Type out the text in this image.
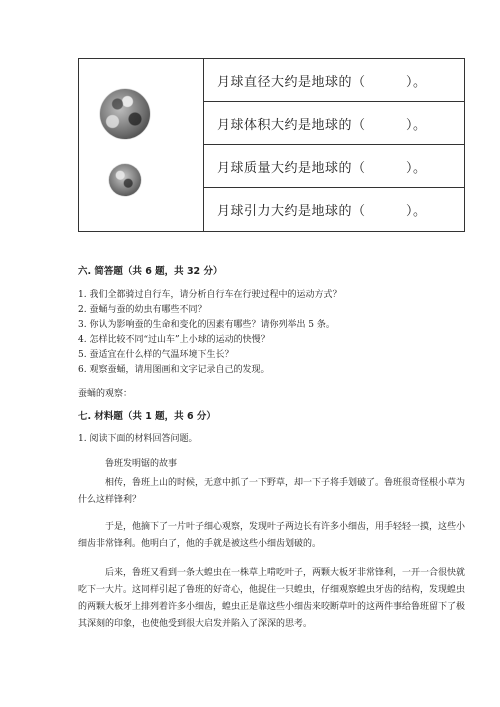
月球直径大约是地球的（　　　）。
月球体积大约是地球的（　　　）。
月球质量大约是地球的（　　　）。
月球引力大约是地球的（　　　）。
六. 简答题（共 6 题，共 32 分）
1. 我们全都骑过自行车，请分析自行车在行驶过程中的运动方式？
2. 蚕蛹与蚕的幼虫有哪些不同？
3. 你认为影响蚕的生命和变化的因素有哪些？请你列举出 5 条。
4. 怎样比较不同“过山车”上小球的运动的快慢？
5. 蚕适宜在什么样的气温环境下生长？
6. 观察蚕蛹，请用图画和文字记录自己的发现。
蚕蛹的观察：
七. 材料题（共 1 题，共 6 分）
1. 阅读下面的材料回答问题。
鲁班发明锯的故事
相传，鲁班上山的时候，无意中抓了一下野草，却一下子将手划破了。鲁班很奇怪根小草为什么这样锋利？
于是，他摘下了一片叶子细心观察，发现叶子两边长有许多小细齿，用手轻轻一摸，这些小细齿非常锋利。他明白了，他的手就是被这些小细齿划破的。
后来，鲁班又看到一条大蝗虫在一株草上啃吃叶子，两颗大板牙非常锋利，一开一合很快就吃下一大片。这同样引起了鲁班的好奇心，他捉住一只蝗虫，仔细观察蝗虫牙齿的结构，发现蝗虫的两颗大板牙上排列着许多小细齿，蝗虫正是靠这些小细齿来咬断草叶的这两件事给鲁班留下了极其深刻的印象，也使他受到很大启发并陷入了深深的思考。
